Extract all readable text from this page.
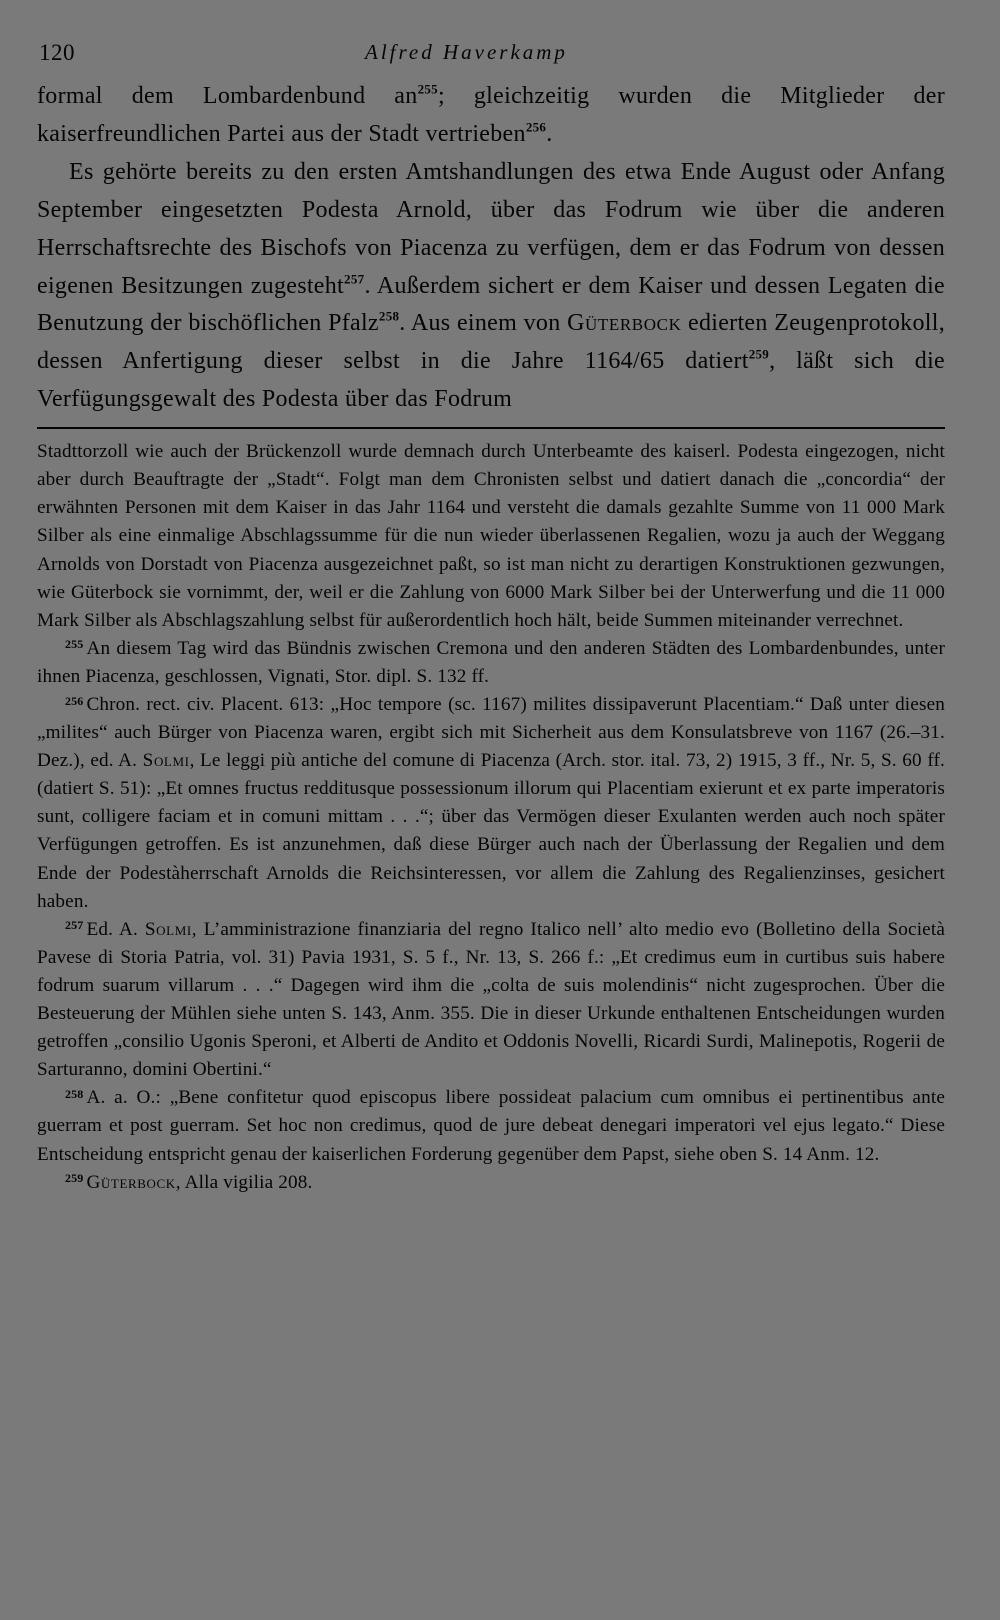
120	Alfred Haverkamp

formal dem Lombardenbund $an^{255}$; gleichzeitig wurden die Mitglieder der kaiserfreundlichen Partei aus der Stadt vertrieben$^{256}$.

Es gehörte bereits zu den ersten Amtshandlungen des etwa Ende August oder Anfang September eingesetzten Podesta Arnold, über das Fodrum wie über die anderen Herrschaftsrechte des Bischofs von Piacenza zu verfügen, dem er das Fodrum von dessen eigenen Besitzungen zugesteht$^{257}$. Außerdem sichert er dem Kaiser und dessen Legaten die Benutzung der bischöflichen Pfalz$^{258}$. Aus einem von Güterbock edierten Zeugenprotokoll, dessen Anfertigung dieser selbst in die Jahre 1164/65 datiert$^{259}$, läßt sich die Verfügungsgewalt des Podesta über das Fodrum

Stadttorzoll wie auch der Brückenzoll wurde demnach durch Unterbeamte des kaiserl. Podesta eingezogen, nicht aber durch Beauftragte der „Stadt“. Folgt man dem Chronisten selbst und datiert danach die „concordia“ der erwähnten Personen mit dem Kaiser in das Jahr 1164 und versteht die damals gezahlte Summe von 11 000 Mark Silber als eine einmalige Abschlagssumme für die nun wieder überlassenen Regalien, wozu ja auch der Weggang Arnolds von Dorstadt von Piacenza ausgezeichnet paßt, so ist man nicht zu derartigen Konstruktionen gezwungen, wie Güterbock sie vornimmt, der, weil er die Zahlung von 6000 Mark Silber bei der Unterwerfung und die 11 000 Mark Silber als Abschlagszahlung selbst für außerordentlich hoch hält, beide Summen miteinander verrechnet.

$^{255}$ An diesem Tag wird das Bündnis zwischen Cremona und den anderen Städten des Lombardenbundes, unter ihnen Piacenza, geschlossen, Vignati, Stor. dipl. S. 132 ff.

$^{256}$ Chron. rect. civ. Placent. 613: „Hoc tempore (sc. 1167) milites dissipaverunt Placentiam.“ Daß unter diesen „milites“ auch Bürger von Piacenza waren, ergibt sich mit Sicherheit aus dem Konsulatsbreve von 1167 (26.–31. Dez.), ed. A. Solmi, Le leggi più antiche del comune di Piacenza (Arch. stor. ital. 73, 2) 1915, 3 ff., Nr. 5, S. 60 ff. (datiert S. 51): „Et omnes fructus redditusque possessionum illorum qui Placentiam exierunt et ex parte imperatoris sunt, colligere faciam et in comuni mittam . . .“; über das Vermögen dieser Exulanten werden auch noch später Verfügungen getroffen. Es ist anzunehmen, daß diese Bürger auch nach der Überlassung der Regalien und dem Ende der Podestàherrschaft Arnolds die Reichsinteressen, vor allem die Zahlung des Regalienzinses, gesichert haben.

$^{257}$ Ed. A. Solmi, L’amministrazione finanziaria del regno Italico nell’ alto medio evo (Bolletino della Società Pavese di Storia Patria, vol. 31) Pavia 1931, S. 5 f., Nr. 13, S. 266 f.: „Et credimus eum in curtibus suis habere fodrum suarum villarum . . .“ Dagegen wird ihm die „colta de suis molendinis“ nicht zugesprochen. Über die Besteuerung der Mühlen siehe unten S. 143, Anm. 355. Die in dieser Urkunde enthaltenen Entscheidungen wurden getroffen „consilio Ugonis Speroni, et Alberti de Andito et Oddonis Novelli, Ricardi Surdi, Malinepotis, Rogerii de Sarturanno, domini Obertini.“

$^{258}$ A. a. O.: „Bene confitetur quod episcopus libere possideat palacium cum omnibus ei pertinentibus ante guerram et post guerram. Set hoc non credimus, quod de jure debeat denegari imperatori vel ejus legato.“ Diese Entscheidung entspricht genau der kaiserlichen Forderung gegenüber dem Papst, siehe oben S. 14 Anm. 12.

$^{259}$ Güterbock, Alla vigilia 208.
